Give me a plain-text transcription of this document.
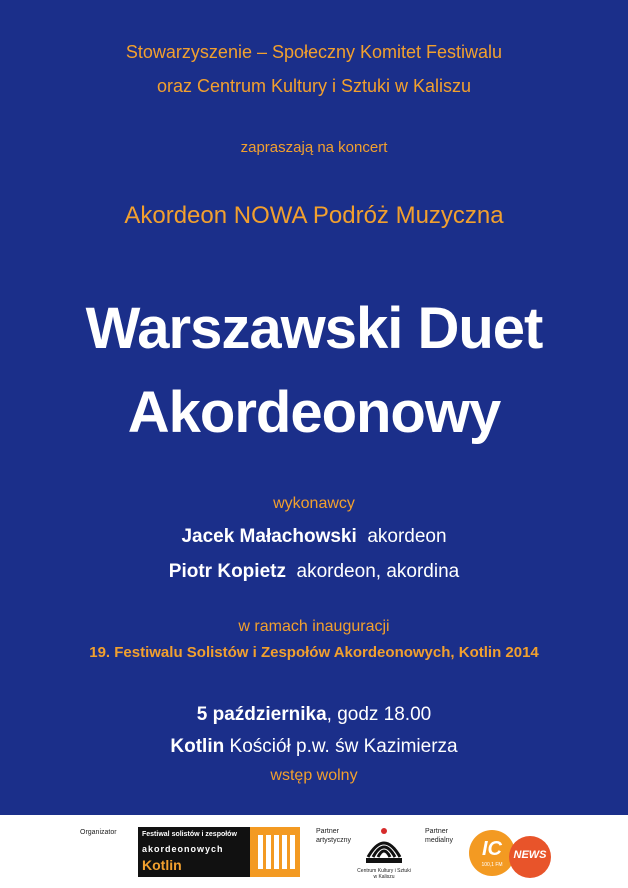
Stowarzyszenie – Społeczny Komitet Festiwalu
oraz Centrum Kultury i Sztuki w Kaliszu
zapraszają na koncert
Akordeon NOWA Podróż Muzyczna
Warszawski Duet
Akordeonowy
wykonawcy
Jacek Małachowski akordeon
Piotr Kopietz akordeon, akordina
w ramach inauguracji
19. Festiwalu Solistów i Zespołów Akordeonowych, Kotlin 2014
5 października, godz 18.00
Kotlin Kościół p.w. św Kazimierza
wstęp wolny
Organizator	Festiwal solistów i zespołów
akordeonowych
Kotlin
Partner
artystyczny
Centrum Kultury i Sztuki
w Kaliszu
Partner
medialny	IC
100,1 FM
NEWS
